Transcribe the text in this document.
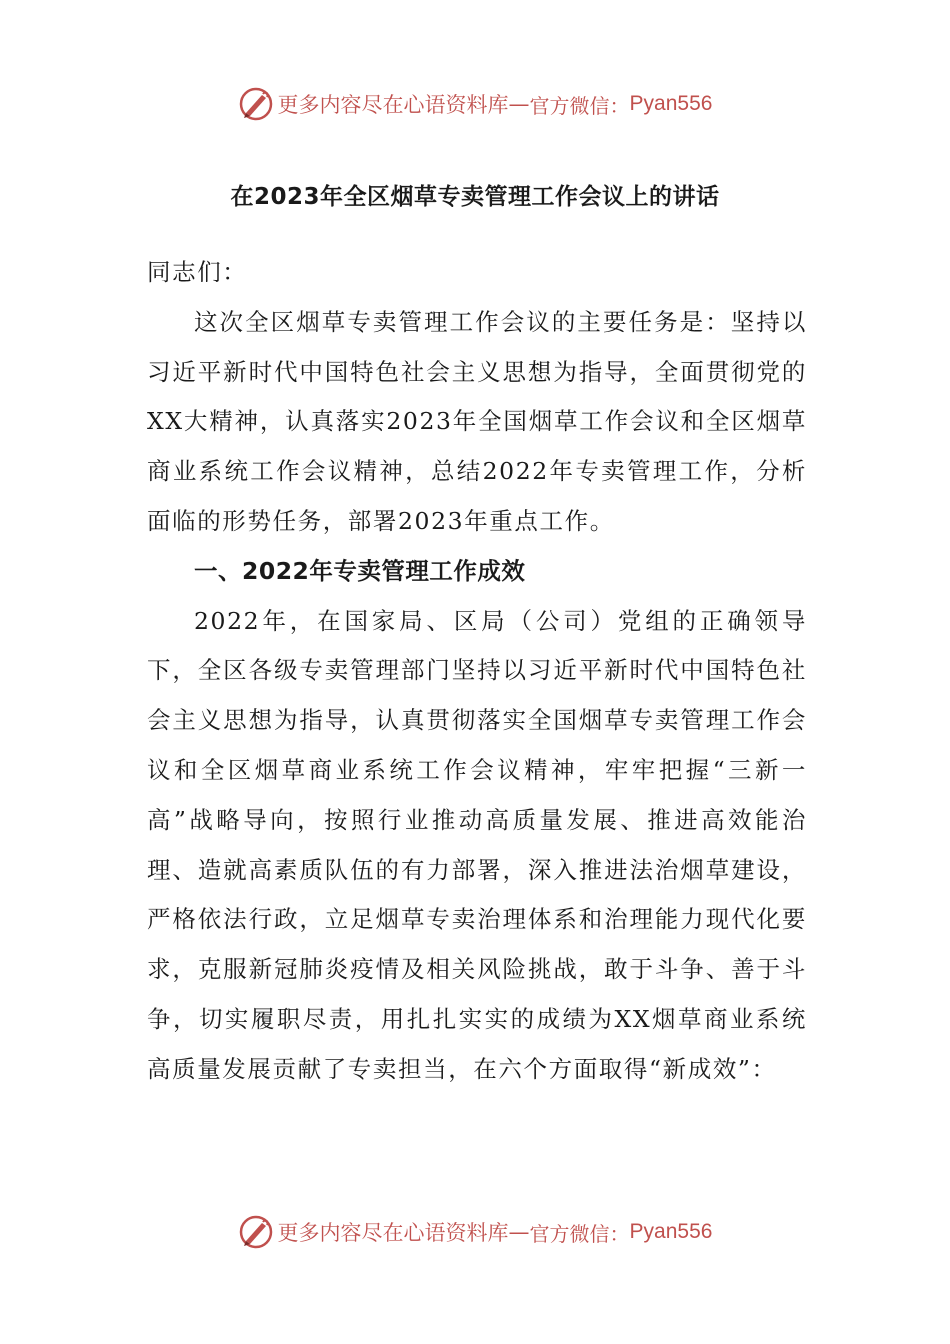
更多内容尽在心语资料库 — 官方微信： Pyan556
在2023年全区烟草专卖管理工作会议上的讲话

同志们：

这次全区烟草专卖管理工作会议的主要任务是：坚持以习近平新时代中国特色社会主义思想为指导，全面贯彻党的XX大精神，认真落实2023年全国烟草工作会议和全区烟草商业系统工作会议精神，总结2022年专卖管理工作，分析面临的形势任务，部署2023年重点工作。

一、2022年专卖管理工作成效

2022年，在国家局、区局（公司）党组的正确领导下，全区各级专卖管理部门坚持以习近平新时代中国特色社会主义思想为指导，认真贯彻落实全国烟草专卖管理工作会议和全区烟草商业系统工作会议精神，牢牢把握“三新一高”战略导向，按照行业推动高质量发展、推进高效能治理、造就高素质队伍的有力部署，深入推进法治烟草建设，严格依法行政，立足烟草专卖治理体系和治理能力现代化要求，克服新冠肺炎疫情及相关风险挑战，敢于斗争、善于斗争，切实履职尽责，用扎扎实实的成绩为XX烟草商业系统高质量发展贡献了专卖担当，在六个方面取得“新成效”：

更多内容尽在心语资料库 — 官方微信： Pyan556
